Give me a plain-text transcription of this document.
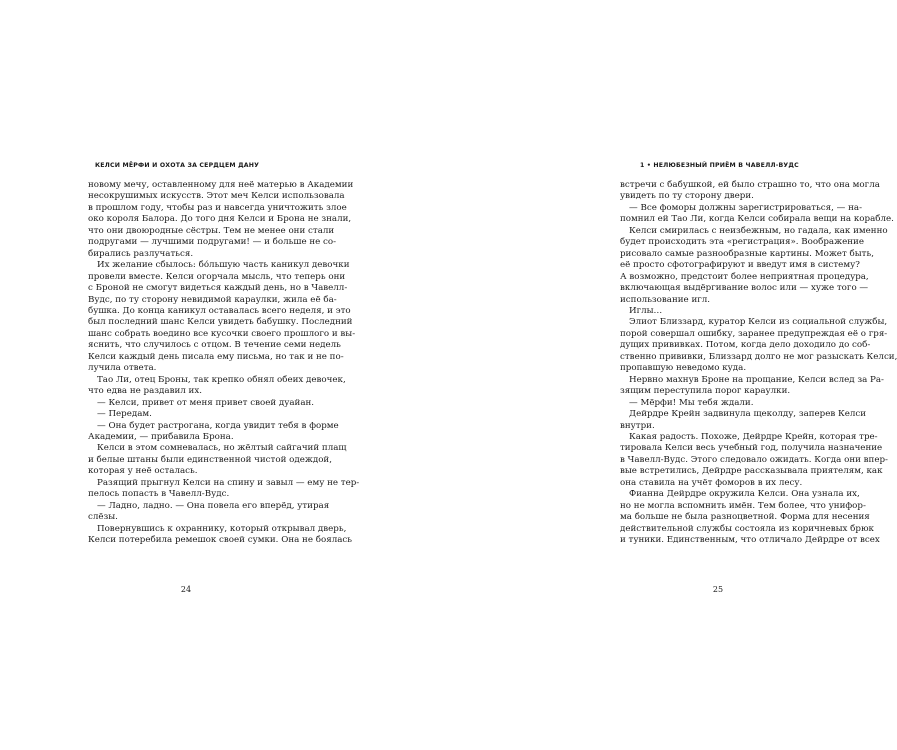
КЕЛСИ МЁРФИ И ОХОТА ЗА СЕРДЦЕМ ДАНУ
новому мечу, оставленному для неё матерью в Академии
несокрушимых искусств. Этот меч Келси использовала
в прошлом году, чтобы раз и навсегда уничтожить злое
око короля Балора. До того дня Келси и Брона не знали,
что они двоюродные сёстры. Тем не менее они стали
подругами — лучшими подругами! — и больше не со-
бирались разлучаться.
Их желание сбылось: бо́льшую часть каникул девочки
провели вместе. Келси огорчала мысль, что теперь они
с Броной не смогут видеться каждый день, но в Чавелл-
Вудс, по ту сторону невидимой караулки, жила её ба-
бушка. До конца каникул оставалась всего неделя, и это
был последний шанс Келси увидеть бабушку. Последний
шанс собрать воедино все кусочки своего прошлого и вы-
яснить, что случилось с отцом. В течение семи недель
Келси каждый день писала ему письма, но так и не по-
лучила ответа.
Тао Ли, отец Броны, так крепко обнял обеих девочек,
что едва не раздавил их.
— Келси, привет от меня привет своей дуайан.
— Передам.
— Она будет растрогана, когда увидит тебя в форме
Академии, — прибавила Брона.
Келси в этом сомневалась, но жёлтый сайгачий плащ
и белые штаны были единственной чистой одеждой,
которая у неё осталась.
Разящий прыгнул Келси на спину и завыл — ему не тер-
пелось попасть в Чавелл-Вудс.
— Ладно, ладно. — Она повела его вперёд, утирая
слёзы.
Повернувшись к охраннику, который открывал дверь,
Келси потеребила ремешок своей сумки. Она не боялась
24
1 • НЕЛЮБЕЗНЫЙ ПРИЁМ В ЧАВЕЛЛ-ВУДС
встречи с бабушкой, ей было страшно то, что она могла
увидеть по ту сторону двери.
— Все фоморы должны зарегистрироваться, — на-
помнил ей Тао Ли, когда Келси собирала вещи на корабле.
Келси смирилась с неизбежным, но гадала, как именно
будет происходить эта «регистрация». Воображение
рисовало самые разнообразные картины. Может быть,
её просто сфотографируют и введут имя в систему?
А возможно, предстоит более неприятная процедура,
включающая выдёргивание волос или — хуже того —
использование игл.
Иглы…
Элиот Близзард, куратор Келси из социальной службы,
порой совершал ошибку, заранее предупреждая её о гря-
дущих прививках. Потом, когда дело доходило до соб-
ственно прививки, Близзард долго не мог разыскать Келси,
пропавшую неведомо куда.
Нервно махнув Броне на прощание, Келси вслед за Ра-
зящим переступила порог караулки.
— Мёрфи! Мы тебя ждали.
Дейрдре Крейн задвинула щеколду, заперев Келси
внутри.
Какая радость. Похоже, Дейрдре Крейн, которая тре-
тировала Келси весь учебный год, получила назначение
в Чавелл-Вудс. Этого следовало ожидать. Когда они впер-
вые встретились, Дейрдре рассказывала приятелям, как
она ставила на учёт фоморов в их лесу.
Фианна Дейрдре окружила Келси. Она узнала их,
но не могла вспомнить имён. Тем более, что унифор-
ма больше не была разноцветной. Форма для несения
действительной службы состояла из коричневых брюк
и туники. Единственным, что отличало Дейрдре от всех
25
